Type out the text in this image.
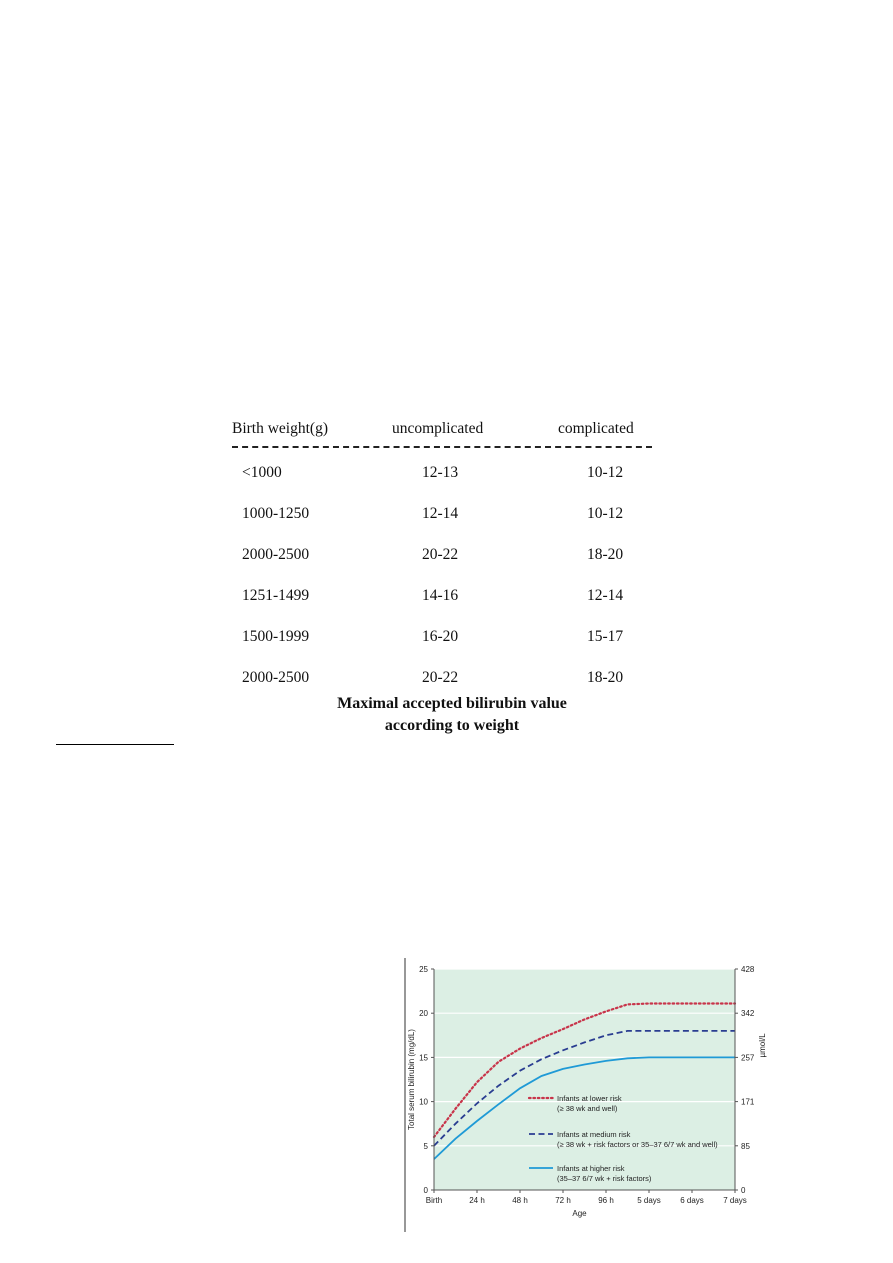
Birth weight(g)	uncomplicated	complicated
<1000	12-13	10-12
1000-1250	12-14	10-12
2000-2500	20-22	18-20
1251-1499	14-16	12-14
1500-1999	16-20	15-17
2000-2500	20-22	18-20
Maximal accepted bilirubin value
according to weight
0	0
5	85
10	171
15	257
20	342
25	428
Birth	24 h	48 h	72 h	96 h	5 days 6 days 7 days
Infants at lower risk
(≥ 38 wk and well)
Infants at medium risk
(≥ 38 wk + risk factors or 35–37 6/7 wk and well)
Infants at higher risk
(35–37 6/7 wk + risk factors)
Total serum bilirubin (mg/dL)	µmol/L
Age
